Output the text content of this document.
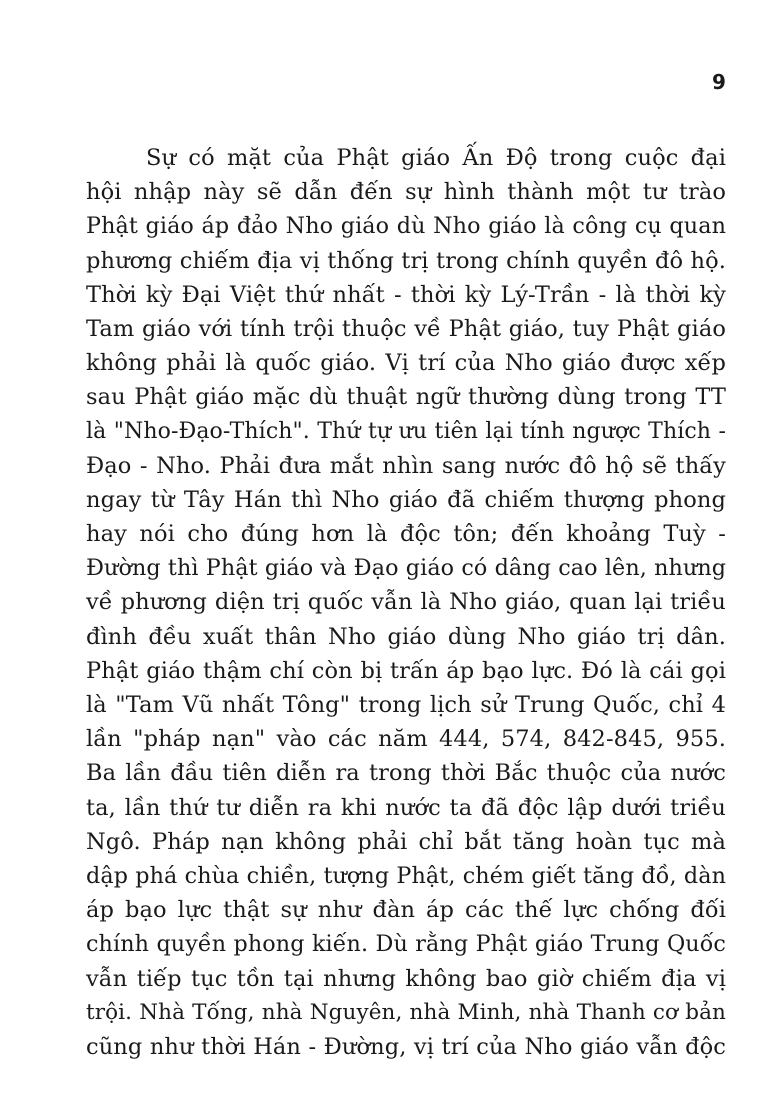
9
Sự có mặt của Phật giáo Ấn Độ trong cuộc đại
hội nhập này sẽ dẫn đến sự hình thành một tư trào
Phật giáo áp đảo Nho giáo dù Nho giáo là công cụ quan
phương chiếm địa vị thống trị trong chính quyền đô hộ.
Thời kỳ Đại Việt thứ nhất - thời kỳ Lý-Trần - là thời kỳ
Tam giáo với tính trội thuộc về Phật giáo, tuy Phật giáo
không phải là quốc giáo. Vị trí của Nho giáo được xếp
sau Phật giáo mặc dù thuật ngữ thường dùng trong TT
là "Nho-Đạo-Thích". Thứ tự ưu tiên lại tính ngược Thích -
Đạo - Nho. Phải đưa mắt nhìn sang nước đô hộ sẽ thấy
ngay từ Tây Hán thì Nho giáo đã chiếm thượng phong
hay nói cho đúng hơn là độc tôn; đến khoảng Tuỳ -
Đường thì Phật giáo và Đạo giáo có dâng cao lên, nhưng
về phương diện trị quốc vẫn là Nho giáo, quan lại triều
đình đều xuất thân Nho giáo dùng Nho giáo trị dân.
Phật giáo thậm chí còn bị trấn áp bạo lực. Đó là cái gọi
là "Tam Vũ nhất Tông" trong lịch sử Trung Quốc, chỉ 4
lần "pháp nạn" vào các năm 444, 574, 842-845, 955.
Ba lần đầu tiên diễn ra trong thời Bắc thuộc của nước
ta, lần thứ tư diễn ra khi nước ta đã độc lập dưới triều
Ngô. Pháp nạn không phải chỉ bắt tăng hoàn tục mà
dập phá chùa chiền, tượng Phật, chém giết tăng đồ, dàn
áp bạo lực thật sự như đàn áp các thế lực chống đối
chính quyền phong kiến. Dù rằng Phật giáo Trung Quốc
vẫn tiếp tục tồn tại nhưng không bao giờ chiếm địa vị
trội. Nhà Tống, nhà Nguyên, nhà Minh, nhà Thanh cơ bản
cũng như thời Hán - Đường, vị trí của Nho giáo vẫn độc
